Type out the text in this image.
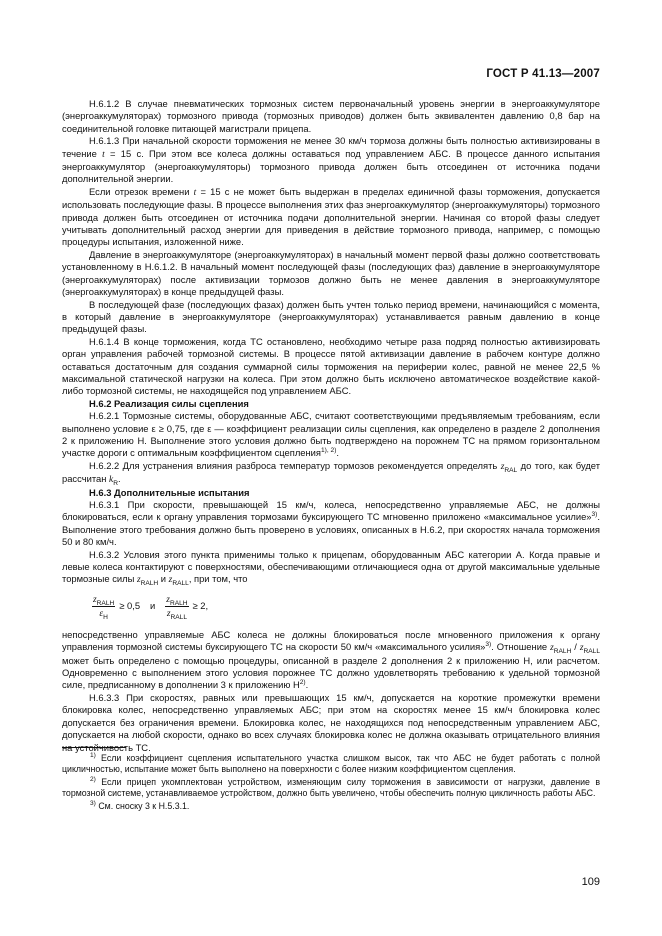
ГОСТ Р 41.13—2007

Н.6.1.2 В случае пневматических тормозных систем первоначальный уровень энергии в энергоаккумуляторе (энергоаккумуляторах) тормозного привода (тормозных приводов) должен быть эквивалентен давлению 0,8 бар на соединительной головке питающей магистрали прицепа.

Н.6.1.3 При начальной скорости торможения не менее 30 км/ч тормоза должны быть полностью активизированы в течение t = 15 с. При этом все колеса должны оставаться под управлением АБС. В процессе данного испытания энергоаккумулятор (энергоаккумуляторы) тормозного привода должен быть отсоединен от источника подачи дополнительной энергии.

Если отрезок времени t = 15 с не может быть выдержан в пределах единичной фазы торможения, допускается использовать последующие фазы. В процессе выполнения этих фаз энергоаккумулятор (энергоаккумуляторы) тормозного привода должен быть отсоединен от источника подачи дополнительной энергии. Начиная со второй фазы следует учитывать дополнительный расход энергии для приведения в действие тормозного привода, например, с помощью процедуры испытания, изложенной ниже.

Давление в энергоаккумуляторе (энергоаккумуляторах) в начальный момент первой фазы должно соответствовать установленному в Н.6.1.2. В начальный момент последующей фазы (последующих фаз) давление в энергоаккумуляторе (энергоаккумуляторах) после активизации тормозов должно быть не менее давления в энергоаккумуляторе (энергоаккумуляторах) в конце предыдущей фазы.

В последующей фазе (последующих фазах) должен быть учтен только период времени, начинающийся с момента, в который давление в энергоаккумуляторе (энергоаккумуляторах) устанавливается равным давлению в конце предыдущей фазы.

Н.6.1.4 В конце торможения, когда ТС остановлено, необходимо четыре раза подряд полностью активизировать орган управления рабочей тормозной системы. В процессе пятой активизации давление в рабочем контуре должно оставаться достаточным для создания суммарной силы торможения на периферии колес, равной не менее 22,5 % максимальной статической нагрузки на колеса. При этом должно быть исключено автоматическое воздействие какой-либо тормозной системы, не находящейся под управлением АБС.

Н.6.2 Реализация силы сцепления

Н.6.2.1 Тормозные системы, оборудованные АБС, считают соответствующими предъявляемым требованиям, если выполнено условие ε ≥ 0,75, где ε — коэффициент реализации силы сцепления, как определено в разделе 2 дополнения 2 к приложению Н. Выполнение этого условия должно быть подтверждено на порожнем ТС на прямом горизонтальном участке дороги с оптимальным коэффициентом сцепления$^{1), 2)}$.

Н.6.2.2 Для устранения влияния разброса температур тормозов рекомендуется определять $z_{RAL}$ до того, как будет рассчитан $k_R$.

Н.6.3 Дополнительные испытания

Н.6.3.1 При скорости, превышающей 15 км/ч, колеса, непосредственно управляемые АБС, не должны блокироваться, если к органу управления тормозами буксирующего ТС мгновенно приложено «максимальное усилие»$^{3)}$. Выполнение этого требования должно быть проверено в условиях, описанных в Н.6.2, при скоростях начала торможения 50 и 80 км/ч.

Н.6.3.2 Условия этого пункта применимы только к прицепам, оборудованным АБС категории А. Когда правые и левые колеса контактируют с поверхностями, обеспечивающими отличающиеся одна от другой максимальные удельные тормозные силы $z_{RALH}$ и $z_{RALL}$, при том, что

$\frac{z_{RALH}}{\varepsilon_H} \ge 0,5$ и $\frac{z_{RALH}}{z_{RALL}} \ge 2$,

непосредственно управляемые АБС колеса не должны блокироваться после мгновенного приложения к органу управления тормозной системы буксирующего ТС на скорости 50 км/ч «максимального усилия»$^{3)}$. Отношение $z_{RALH} / z_{RALL}$ может быть определено с помощью процедуры, описанной в разделе 2 дополнения 2 к приложению Н, или расчетом. Одновременно с выполнением этого условия порожнее ТС должно удовлетворять требованию к удельной тормозной силе, предписанному в дополнении 3 к приложению $Н^{2)}$.

Н.6.3.3 При скоростях, равных или превышающих 15 км/ч, допускается на короткие промежутки времени блокировка колес, непосредственно управляемых АБС; при этом на скоростях менее 15 км/ч блокировка колес допускается без ограничения времени. Блокировка колес, не находящихся под непосредственным управлением АБС, допускается на любой скорости, однако во всех случаях блокировка колес не должна оказывать отрицательного влияния на устойчивость ТС.

$^{1)}$ Если коэффициент сцепления испытательного участка слишком высок, так что АБС не будет работать с полной цикличностью, испытание может быть выполнено на поверхности с более низким коэффициентом сцепления.

$^{2)}$ Если прицеп укомплектован устройством, изменяющим силу торможения в зависимости от нагрузки, давление в тормозной системе, устанавливаемое устройством, должно быть увеличено, чтобы обеспечить полную цикличность работы АБС.

$^{3)}$ См. сноску 3 к Н.5.3.1.

109
